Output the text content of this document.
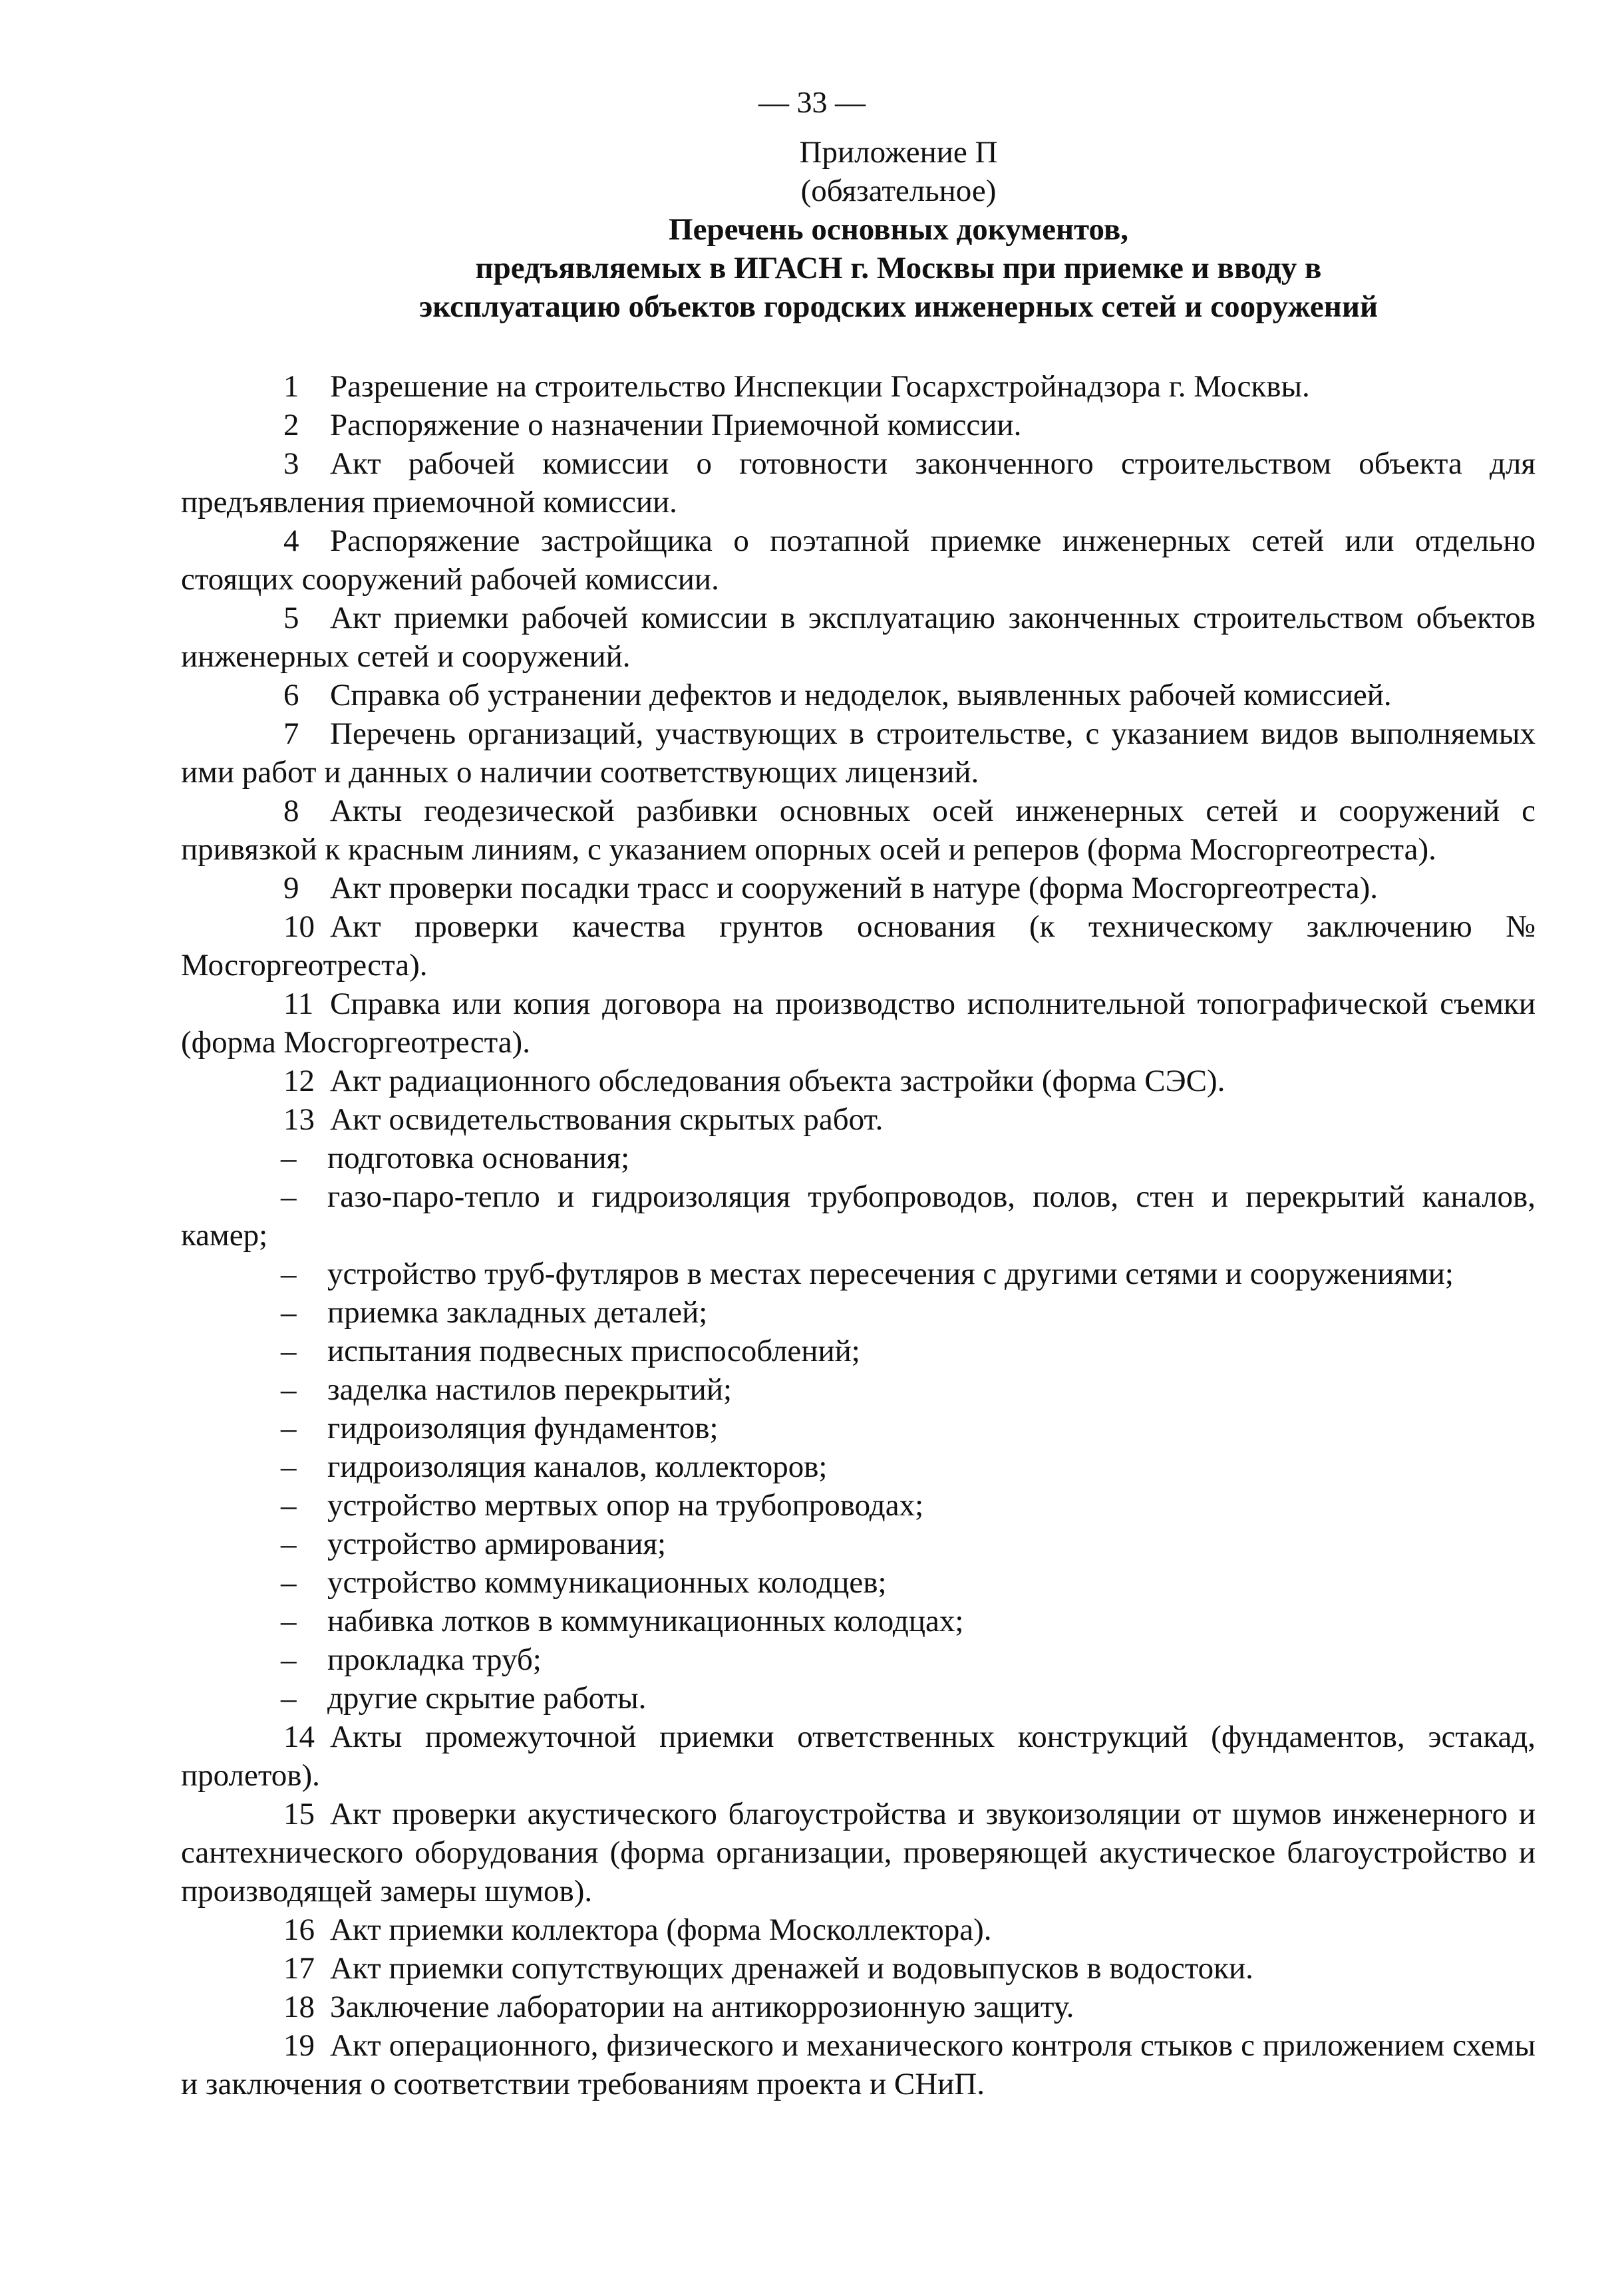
— 33 —
Приложение П
(обязательное)
Перечень основных документов,
предъявляемых в ИГАСН г. Москвы при приемке и вводу в
эксплуатацию объектов городских инженерных сетей и сооружений

1 Разрешение на строительство Инспекции Госархстройнадзора г. Москвы.

2 Распоряжение о назначении Приемочной комиссии.

3 Акт рабочей комиссии о готовности законченного строительством объекта для предъявления приемочной комиссии.

4 Распоряжение застройщика о поэтапной приемке инженерных сетей или отдельно стоящих сооружений рабочей комиссии.

5 Акт приемки рабочей комиссии в эксплуатацию законченных строительством объектов инженерных сетей и сооружений.

6 Справка об устранении дефектов и недоделок, выявленных рабочей комиссией.

7 Перечень организаций, участвующих в строительстве, с указанием видов выполняемых ими работ и данных о наличии соответствующих лицензий.

8 Акты геодезической разбивки основных осей инженерных сетей и сооружений с привязкой к красным линиям, с указанием опорных осей и реперов (форма Мосгоргеотреста).

9 Акт проверки посадки трасс и сооружений в натуре (форма Мосгоргеотреста).

10 Акт проверки качества грунтов основания (к техническому заключению № Мосгоргеотреста).

11 Справка или копия договора на производство исполнительной топографической съемки (форма Мосгоргеотреста).

12 Акт радиационного обследования объекта застройки (форма СЭС).

13 Акт освидетельствования скрытых работ.

– подготовка основания;

– газо-паро-тепло и гидроизоляция трубопроводов, полов, стен и перекрытий каналов, камер;

– устройство труб-футляров в местах пересечения с другими сетями и сооружениями;

– приемка закладных деталей;

– испытания подвесных приспособлений;

– заделка настилов перекрытий;

– гидроизоляция фундаментов;

– гидроизоляция каналов, коллекторов;

– устройство мертвых опор на трубопроводах;

– устройство армирования;

– устройство коммуникационных колодцев;

– набивка лотков в коммуникационных колодцах;

– прокладка труб;

– другие скрытие работы.

14 Акты промежуточной приемки ответственных конструкций (фундаментов, эстакад, пролетов).

15 Акт проверки акустического благоустройства и звукоизоляции от шумов инженерного и сантехнического оборудования (форма организации, проверяющей акустическое благоустройство и производящей замеры шумов).

16 Акт приемки коллектора (форма Москоллектора).

17 Акт приемки сопутствующих дренажей и водовыпусков в водостоки.

18 Заключение лаборатории на антикоррозионную защиту.

19 Акт операционного, физического и механического контроля стыков с приложением схемы и заключения о соответствии требованиям проекта и СНиП.
